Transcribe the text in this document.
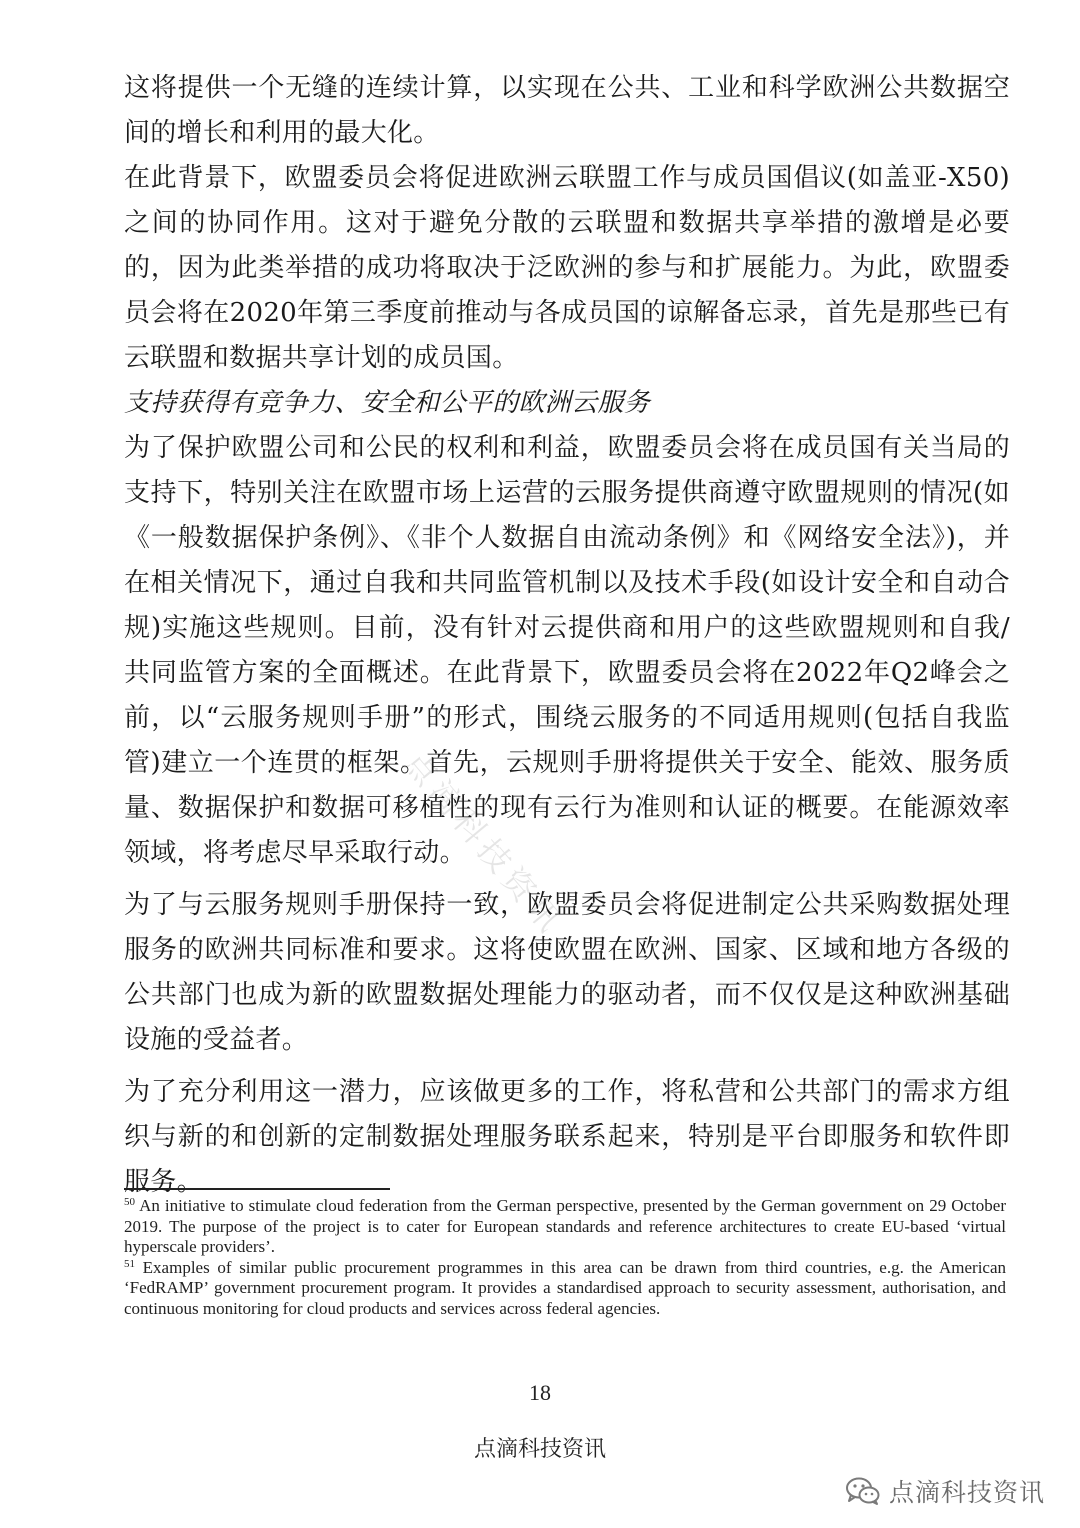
这将提供一个无缝的连续计算，以实现在公共、工业和科学欧洲公共数据空间的增长和利用的最大化。

在此背景下，欧盟委员会将促进欧洲云联盟工作与成员国倡议(如盖亚-X50)之间的协同作用。这对于避免分散的云联盟和数据共享举措的激增是必要的，因为此类举措的成功将取决于泛欧洲的参与和扩展能力。为此，欧盟委员会将在2020年第三季度前推动与各成员国的谅解备忘录，首先是那些已有云联盟和数据共享计划的成员国。

支持获得有竞争力、安全和公平的欧洲云服务

为了保护欧盟公司和公民的权利和利益，欧盟委员会将在成员国有关当局的支持下，特别关注在欧盟市场上运营的云服务提供商遵守欧盟规则的情况(如《一般数据保护条例》、《非个人数据自由流动条例》和《网络安全法》)，并在相关情况下，通过自我和共同监管机制以及技术手段(如设计安全和自动合规)实施这些规则。目前，没有针对云提供商和用户的这些欧盟规则和自我/共同监管方案的全面概述。在此背景下，欧盟委员会将在2022年Q2峰会之前，以“云服务规则手册”的形式，围绕云服务的不同适用规则(包括自我监管)建立一个连贯的框架。首先，云规则手册将提供关于安全、能效、服务质量、数据保护和数据可移植性的现有云行为准则和认证的概要。在能源效率领域，将考虑尽早采取行动。

为了与云服务规则手册保持一致，欧盟委员会将促进制定公共采购数据处理服务的欧洲共同标准和要求。这将使欧盟在欧洲、国家、区域和地方各级的公共部门也成为新的欧盟数据处理能力的驱动者，而不仅仅是这种欧洲基础设施的受益者。

为了充分利用这一潜力，应该做更多的工作，将私营和公共部门的需求方组织与新的和创新的定制数据处理服务联系起来，特别是平台即服务和软件即服务。

点滴科技资讯

$^{50}$ An initiative to stimulate cloud federation from the German perspective, presented by the German government on 29 October 2019. The purpose of the project is to cater for European standards and reference architectures to create EU-based ‘virtual hyperscale providers’.

$^{51}$ Examples of similar public procurement programmes in this area can be drawn from third countries, e.g. the American ‘FedRAMP’ government procurement program. It provides a standardised approach to security assessment, authorisation, and continuous monitoring for cloud products and services across federal agencies.

18
点滴科技资讯
点滴科技资讯
